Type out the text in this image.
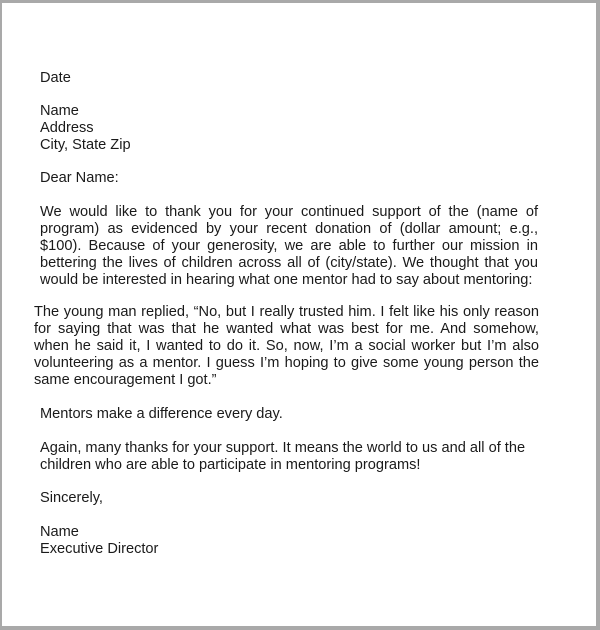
Date

Name
Address
City, State Zip

Dear Name:

We would like to thank you for your continued support of the (name of program) as evidenced by your recent donation of (dollar amount; e.g., $100). Because of your generosity, we are able to further our mission in bettering the lives of children across all of (city/state). We thought that you would be interested in hearing what one mentor had to say about mentoring:

The young man replied, “No, but I really trusted him. I felt like his only reason for saying that was that he wanted what was best for me. And somehow, when he said it, I wanted to do it. So, now, I’m a social worker but I’m also volunteering as a mentor. I guess I’m hoping to give some young person the same encouragement I got.”

Mentors make a difference every day.

Again, many thanks for your support. It means the world to us and all of the
children who are able to participate in mentoring programs!

Sincerely,

Name
Executive Director
